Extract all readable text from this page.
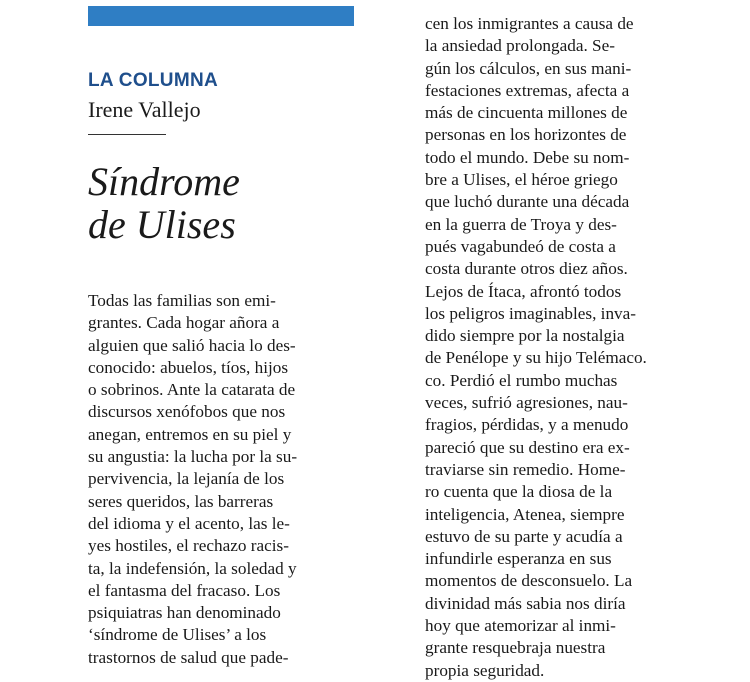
LA COLUMNA

Irene Vallejo

Síndrome
de Ulises
Todas las familias son emi-
grantes. Cada hogar añora a
alguien que salió hacia lo des-
conocido: abuelos, tíos, hijos
o sobrinos. Ante la catarata de
discursos xenófobos que nos
anegan, entremos en su piel y
su angustia: la lucha por la su-
pervivencia, la lejanía de los
seres queridos, las barreras
del idioma y el acento, las le-
yes hostiles, el rechazo racis-
ta, la indefensión, la soledad y
el fantasma del fracaso. Los
psiquiatras han denominado
‘síndrome de Ulises’ a los
trastornos de salud que pade-
cen los inmigrantes a causa de
la ansiedad prolongada. Se-
gún los cálculos, en sus mani-
festaciones extremas, afecta a
más de cincuenta millones de
personas en los horizontes de
todo el mundo. Debe su nom-
bre a Ulises, el héroe griego
que luchó durante una década
en la guerra de Troya y des-
pués vagabundeó de costa a
costa durante otros diez años.
Lejos de Ítaca, afrontó todos
los peligros imaginables, inva-
dido siempre por la nostalgia
de Penélope y su hijo Telémaco.
co. Perdió el rumbo muchas
veces, sufrió agresiones, nau-
fragios, pérdidas, y a menudo
pareció que su destino era ex-
traviarse sin remedio. Home-
ro cuenta que la diosa de la
inteligencia, Atenea, siempre
estuvo de su parte y acudía a
infundirle esperanza en sus
momentos de desconsuelo. La
divinidad más sabia nos diría
hoy que atemorizar al inmi-
grante resquebraja nuestra
propia seguridad.
